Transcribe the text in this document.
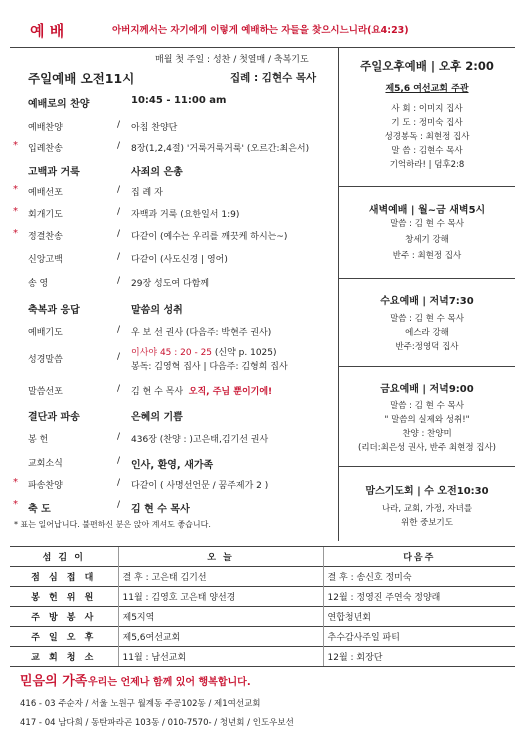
예 배	아버지께서는 자기에게 이렇게 예배하는 자들을 찾으시느니라(요4:23)
매월 첫 주일 : 성찬 / 첫열매 / 축복기도
주일예배 오전11시	집례 : 김현수 목사
예배로의 찬양	10:45 - 11:00 am
예배찬양	/ 아침 찬양단
* 입례찬송	/ 8장(1,2,4절) '거룩거룩거룩' (오르간:최은서)
고백과 거룩	사죄의 은총
* 예배선포	/ 집 례 자
* 회개기도	/ 자백과 거룩 (요한일서 1:9)
* 정결찬송	/ 다같이 (예수는 우리를 깨끗케 하시는~)
신앙고백	/ 다같이 (사도신경 | 영어)
송 영	/ 29장 성도여 다함께
축복과 응답	말씀의 성취
예배기도	/ 우 보 선 권사 (다음주: 박현주 권사)
성경말씀	/ 이사야 45 : 20 - 25 (신약 p. 1025)
봉독: 김영혁 집사 | 다음주: 김형희 집사
말씀선포	/ 김 현 수 목사 오직, 주님 뿐이기에!
결단과 파송	은혜의 기쁨
봉 헌	/ 436장 (찬양 : )고은태,김기선 권사
교회소식	/ 인사, 환영, 새가족
* 파송찬양	/ 다같이 ( 사명선언문 / 꿈주제가 2 )
* 축 도	/ 김 현 수 목사
* 표는 일어납니다. 불편하신 분은 앉아 계셔도 좋습니다.
주일오후예배 | 오후 2:00
제5,6 여선교회 주관
사 회 : 이미지 집사
기 도 : 정미숙 집사
성경봉독 : 최현정 집사
말 씀 : 김현수 목사
기억하라! | 덤후2:8
새벽예배 | 월~금 새벽5시
말씀 : 김 현 수 목사
창세기 강해
반주 : 최현정 집사
수요예배 | 저녁7:30
말씀 : 김 현 수 목사
에스라 강해
반주:정영덕 집사
금요예배 | 저녁9:00
말씀 : 김 현 수 목사
" 말씀의 실제와 성취!"
찬양 : 찬양미
(리더:최은성 권사, 반주 최현정 집사)
맘스기도회 | 수 오전10:30
나라, 교회, 가정, 자녀를
위한 중보기도
섬 김 이	오 늘	다음주
점 심 접 대	결 후 : 고은태 김기선	결 후 : 송신호 정미숙
봉 헌 위 원	11월 : 김영호 고은태 양선경	12월 : 정영진 주연숙 정양래
주 방 봉 사	제5지역	연합청년회
주 일 오 후	제5,6여선교회	추수감사주일 파티
교 회 청 소	11월 : 남선교회	12월 : 회장단
믿음의 가족 우리는 언제나 함께 있어 행복합니다.
416 - 03 주순자 / 서울 노원구 월계동 주공102동 / 제1여선교회
417 - 04 남다희 / 동탄파라곤 103동 / 010-7570- / 청년회 / 인도우보선
